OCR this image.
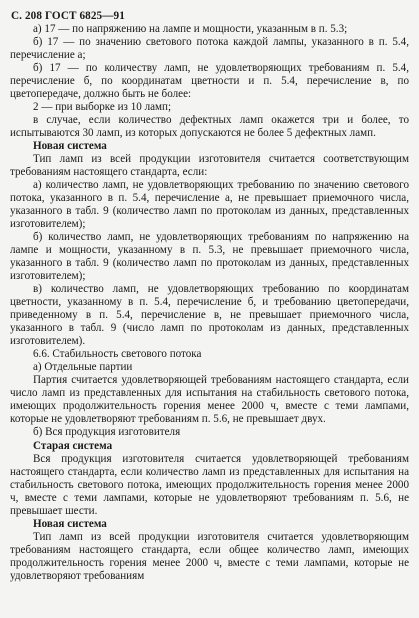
С. 208 ГОСТ 6825—91

а) 17 — по напряжению на лампе и мощности, указанным в п. 5.3;

б) 17 — по значению светового потока каждой лампы, указанного в п. 5.4, перечисление а;

б) 17 — по количеству ламп, не удовлетворяющих требованиям п. 5.4, перечисление б, по координатам цветности и п. 5.4, перечисление в, по цветопередаче, должно быть не более:

2 — при выборке из 10 ламп;

в случае, если количество дефектных ламп окажется три и более, то испытываются 30 ламп, из которых допускаются не более 5 дефектных ламп.

Новая система

Тип ламп из всей продукции изготовителя считается соответствующим требованиям настоящего стандарта, если:

а) количество ламп, не удовлетворяющих требованию по значению светового потока, указанного в п. 5.4, перечисление а, не превышает приемочного числа, указанного в табл. 9 (количество ламп по протоколам из данных, представленных изготовителем);

б) количество ламп, не удовлетворяющих требованиям по напряжению на лампе и мощности, указанному в п. 5.3, не превышает приемочного числа, указанного в табл. 9 (количество ламп по протоколам из данных, представленных изготовителем);

в) количество ламп, не удовлетворяющих требованию по координатам цветности, указанному в п. 5.4, перечисление б, и требованию цветопередачи, приведенному в п. 5.4, перечисление в, не превышает приемочного числа, указанного в табл. 9 (число ламп по протоколам из данных, представленных изготовителем).

6.6. Стабильность светового потока

а) Отдельные партии

Партия считается удовлетворяющей требованиям настоящего стандарта, если число ламп из представленных для испытания на стабильность светового потока, имеющих продолжительность горения менее 2000 ч, вместе с теми лампами, которые не удовлетворяют требованиям п. 5.6, не превышает двух.

б) Вся продукция изготовителя

Старая система

Вся продукция изготовителя считается удовлетворяющей требованиям настоящего стандарта, если количество ламп из представленных для испытания на стабильность светового потока, имеющих продолжительность горения менее 2000 ч, вместе с теми лампами, которые не удовлетворяют требованиям п. 5.6, не превышает шести.

Новая система

Тип ламп из всей продукции изготовителя считается удовлетворяющим требованиям настоящего стандарта, если общее количество ламп, имеющих продолжительность горения менее 2000 ч, вместе с теми лампами, которые не удовлетворяют требованиям
